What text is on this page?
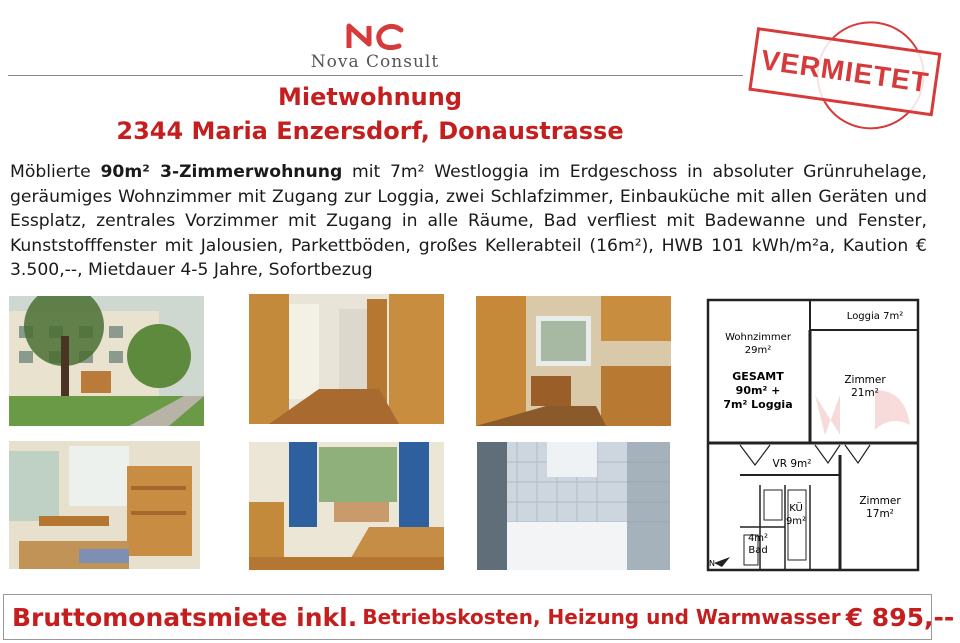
Nova Consult	VERMIETET
Mietwohnung
2344 Maria Enzersdorf, Donaustrasse
Möblierte 90m² 3-Zimmerwohnung mit 7m² Westloggia im Erdgeschoss in absoluter Grünruhelage, geräumiges Wohnzimmer mit Zugang zur Loggia, zwei Schlafzimmer, Einbauküche mit allen Geräten und Essplatz, zentrales Vorzimmer mit Zugang in alle Räume, Bad verfliest mit Badewanne und Fenster, Kunststofffenster mit Jalousien, Parkettböden, großes Kellerabteil (16m²), HWB 101 kWh/m²a, Kaution € 3.500,--, Mietdauer 4-5 Jahre, Sofortbezug
Loggia 7m²
Wohnzimmer
29m²
GESAMT
90m² +
7m² Loggia
Zimmer
21m²
VR 9m²
KÜ
9m²
4m²
Bad
Zimmer
17m²
N
Bruttomonatsmiete inkl.
Betriebskosten, Heizung und Warmwasser
€ 895,--
